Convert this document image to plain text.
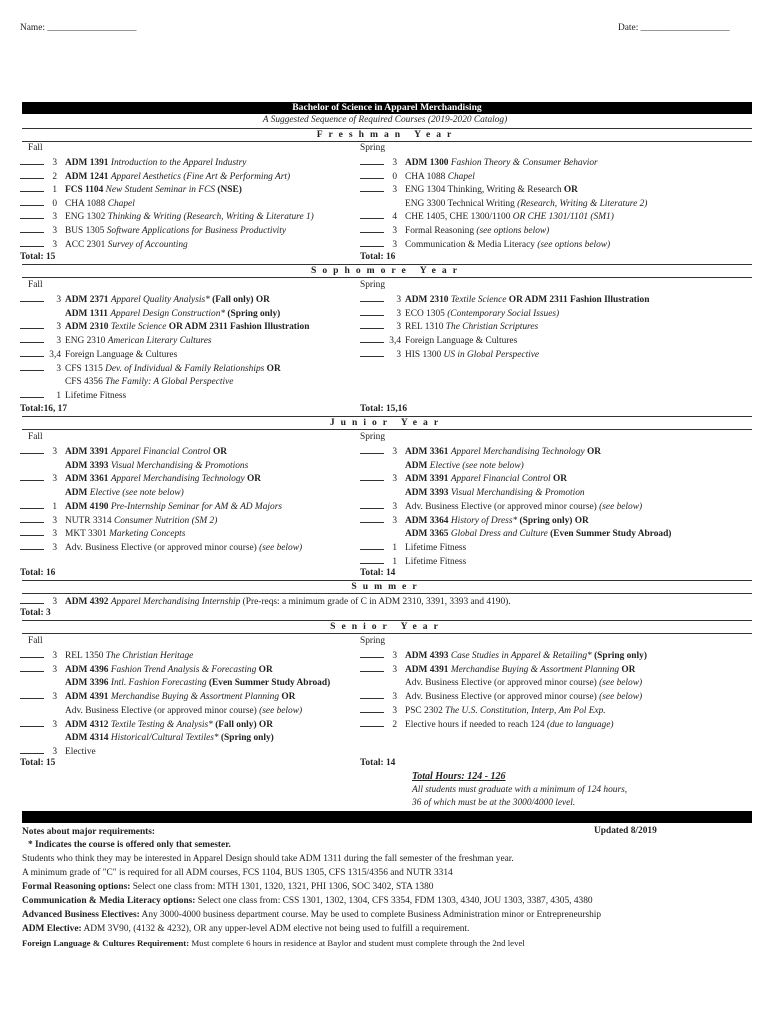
Name: ___________________	Date: ___________________
Bachelor of Science in Apparel Merchandising
A Suggested Sequence of Required Courses (2019-2020 Catalog)
Freshman Year
Fall	Spring
3 ADM 1391 Introduction to the Apparel Industry
2 ADM 1241 Apparel Aesthetics (Fine Art & Performing Art)
1 FCS 1104 New Student Seminar in FCS (NSE)
0 CHA 1088 Chapel
3 ENG 1302 Thinking & Writing (Research, Writing & Literature 1)
3 BUS 1305 Software Applications for Business Productivity
3 ACC 2301 Survey of Accounting
3 ADM 1300 Fashion Theory & Consumer Behavior
0 CHA 1088 Chapel
3 ENG 1304 Thinking, Writing & Research OR
ENG 3300 Technical Writing (Research, Writing & Literature 2)
4 CHE 1405, CHE 1300/1100 OR CHE 1301/1101 (SM1)
3 Formal Reasoning (see options below)
3 Communication & Media Literacy (see options below)
Total: 15	Total: 16
Sophomore Year
Fall	Spring
3 ADM 2371 Apparel Quality Analysis* (Fall only) OR
ADM 1311 Apparel Design Construction* (Spring only)
3 ADM 2310 Textile Science OR ADM 2311 Fashion Illustration
3 ENG 2310 American Literary Cultures
3,4 Foreign Language & Cultures
3 CFS 1315 Dev. of Individual & Family Relationships OR
CFS 4356 The Family: A Global Perspective
1 Lifetime Fitness
3 ADM 2310 Textile Science OR ADM 2311 Fashion Illustration
3 ECO 1305 (Contemporary Social Issues)
3 REL 1310 The Christian Scriptures
3,4 Foreign Language & Cultures
3 HIS 1300 US in Global Perspective
Total:16, 17	Total: 15,16
Junior Year
Fall	Spring
3 ADM 3391 Apparel Financial Control OR
ADM 3393 Visual Merchandising & Promotions
3 ADM 3361 Apparel Merchandising Technology OR
ADM Elective (see note below)
1 ADM 4190 Pre-Internship Seminar for AM & AD Majors
3 NUTR 3314 Consumer Nutrition (SM 2)
3 MKT 3301 Marketing Concepts
3 Adv. Business Elective (or approved minor course) (see below)
3 ADM 3361 Apparel Merchandising Technology OR
ADM Elective (see note below)
3 ADM 3391 Apparel Financial Control OR
ADM 3393 Visual Merchandising & Promotion
3 Adv. Business Elective (or approved minor course) (see below)
3 ADM 3364 History of Dress* (Spring only) OR
ADM 3365 Global Dress and Culture (Even Summer Study Abroad)
1 Lifetime Fitness
1 Lifetime Fitness
Total: 16	Total: 14
Summer
3 ADM 4392 Apparel Merchandising Internship (Pre-reqs: a minimum grade of C in ADM 2310, 3391, 3393 and 4190).
Total: 3
Senior Year
Fall	Spring
3 REL 1350 The Christian Heritage
3 ADM 4396 Fashion Trend Analysis & Forecasting OR
ADM 3396 Intl. Fashion Forecasting (Even Summer Study Abroad)
3 ADM 4391 Merchandise Buying & Assortment Planning OR
Adv. Business Elective (or approved minor course) (see below)
3 ADM 4312 Textile Testing & Analysis* (Fall only) OR
ADM 4314 Historical/Cultural Textiles* (Spring only)
3 Elective
3 ADM 4393 Case Studies in Apparel & Retailing* (Spring only)
3 ADM 4391 Merchandise Buying & Assortment Planning OR
Adv. Business Elective (or approved minor course) (see below)
3 Adv. Business Elective (or approved minor course) (see below)
3 PSC 2302 The U.S. Constitution, Interp, Am Pol Exp.
2 Elective hours if needed to reach 124 (due to language)
Total: 15	Total: 14
Total Hours: 124 - 126
All students must graduate with a minimum of 124 hours,
36 of which must be at the 3000/4000 level.
Notes about major requirements:	Updated 8/2019
* Indicates the course is offered only that semester.
Students who think they may be interested in Apparel Design should take ADM 1311 during the fall semester of the freshman year.
A minimum grade of "C" is required for all ADM courses, FCS 1104, BUS 1305, CFS 1315/4356 and NUTR 3314
Formal Reasoning options: Select one class from: MTH 1301, 1320, 1321, PHI 1306, SOC 3402, STA 1380
Communication & Media Literacy options: Select one class from: CSS 1301, 1302, 1304, CFS 3354, FDM 1303, 4340, JOU 1303, 3387, 4305, 4380
Advanced Business Electives: Any 3000-4000 business department course. May be used to complete Business Administration minor or Entrepreneurship
ADM Elective: ADM 3V90, (4132 & 4232), OR any upper-level ADM elective not being used to fulfill a requirement.
Foreign Language & Cultures Requirement: Must complete 6 hours in residence at Baylor and student must complete through the 2nd level
